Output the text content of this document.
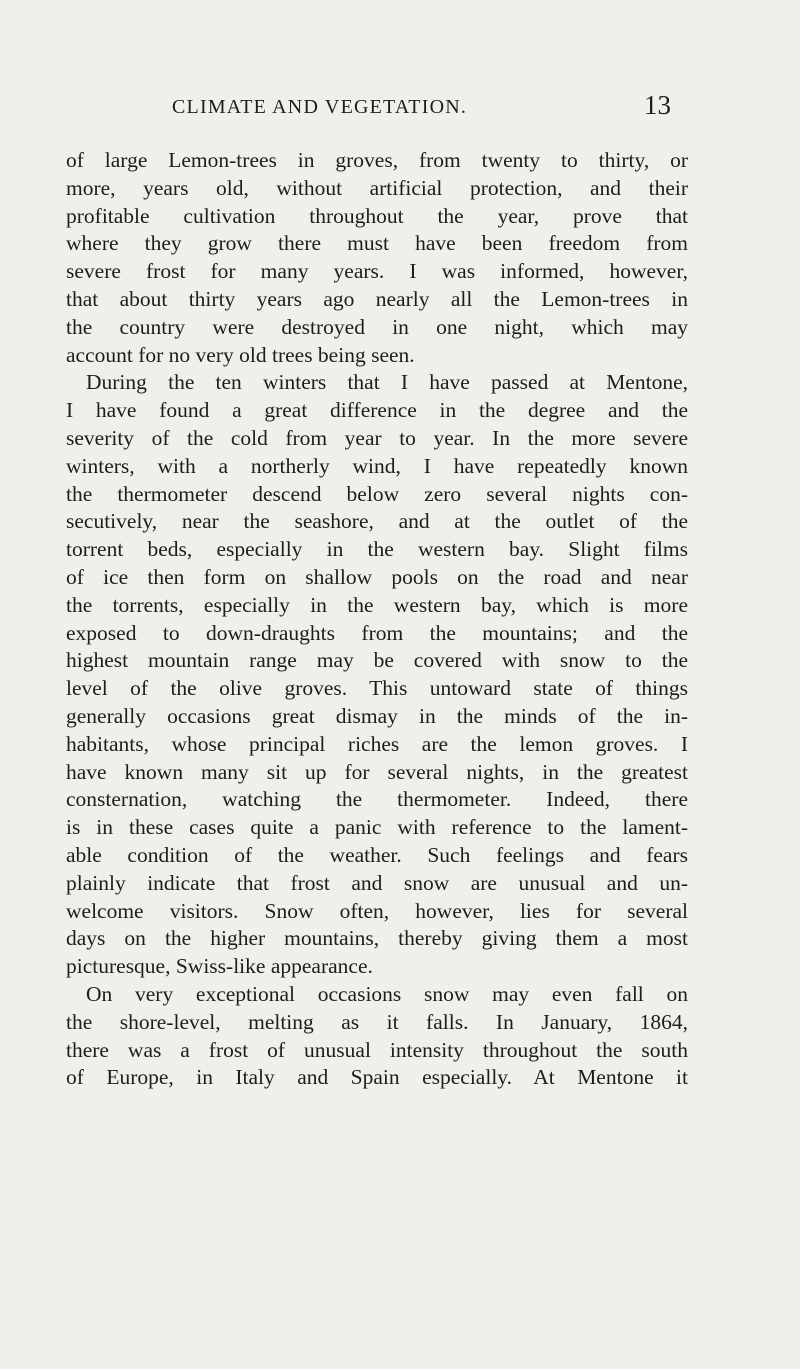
CLIMATE AND VEGETATION.	13
of large Lemon-trees in groves, from twenty to thirty, or
more, years old, without artificial protection, and their
profitable cultivation throughout the year, prove that
where they grow there must have been freedom from
severe frost for many years. I was informed, however,
that about thirty years ago nearly all the Lemon-trees in
the country were destroyed in one night, which may
account for no very old trees being seen.
During the ten winters that I have passed at Mentone,
I have found a great difference in the degree and the
severity of the cold from year to year. In the more severe
winters, with a northerly wind, I have repeatedly known
the thermometer descend below zero several nights con-
secutively, near the seashore, and at the outlet of the
torrent beds, especially in the western bay. Slight films
of ice then form on shallow pools on the road and near
the torrents, especially in the western bay, which is more
exposed to down-draughts from the mountains; and the
highest mountain range may be covered with snow to the
level of the olive groves. This untoward state of things
generally occasions great dismay in the minds of the in-
habitants, whose principal riches are the lemon groves. I
have known many sit up for several nights, in the greatest
consternation, watching the thermometer. Indeed, there
is in these cases quite a panic with reference to the lament-
able condition of the weather. Such feelings and fears
plainly indicate that frost and snow are unusual and un-
welcome visitors. Snow often, however, lies for several
days on the higher mountains, thereby giving them a most
picturesque, Swiss-like appearance.
On very exceptional occasions snow may even fall on
the shore-level, melting as it falls. In January, 1864,
there was a frost of unusual intensity throughout the south
of Europe, in Italy and Spain especially. At Mentone it
